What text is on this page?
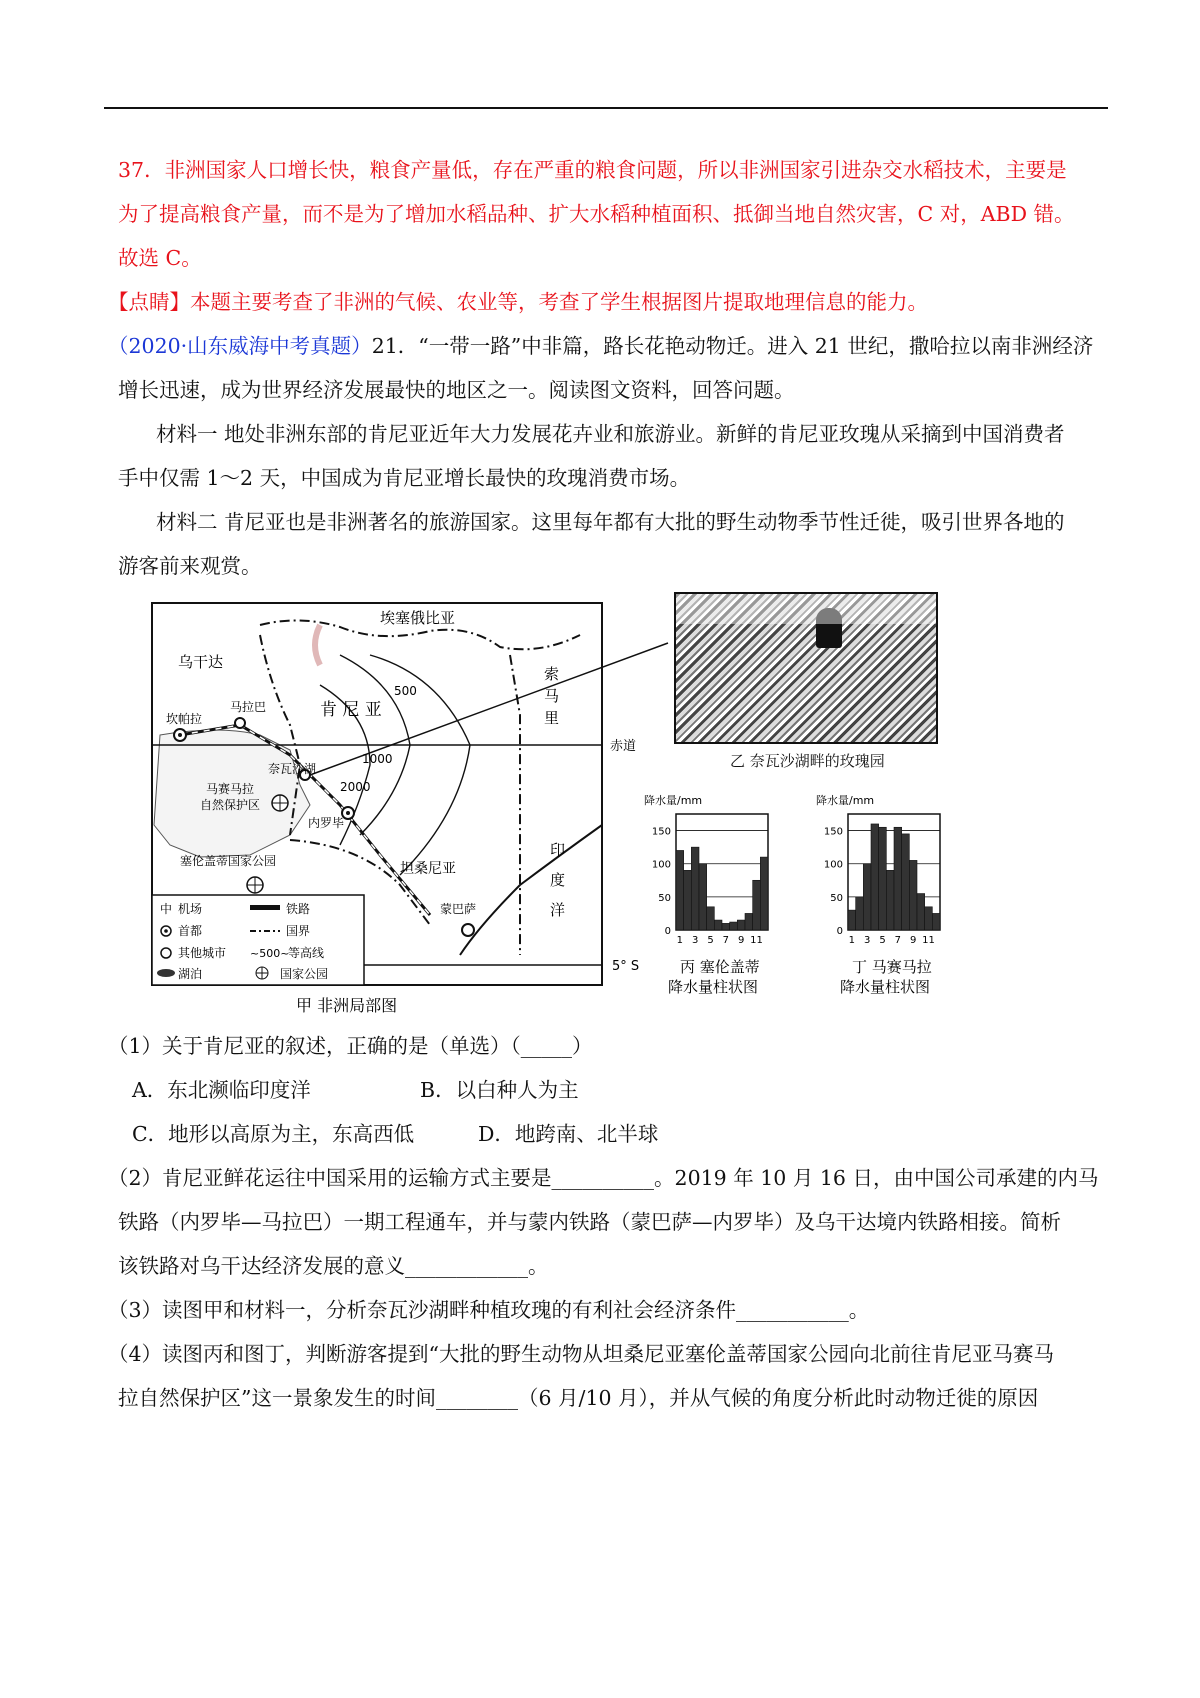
37．非洲国家人口增长快，粮食产量低，存在严重的粮食问题，所以非洲国家引进杂交水稻技术，主要是
为了提高粮食产量，而不是为了增加水稻品种、扩大水稻种植面积、抵御当地自然灾害，C 对，ABD 错。
故选 C。
【点睛】本题主要考查了非洲的气候、农业等，考查了学生根据图片提取地理信息的能力。
（2020·山东威海中考真题）21．“一带一路”中非篇，路长花艳动物迁。进入 21 世纪，撒哈拉以南非洲经济
增长迅速，成为世界经济发展最快的地区之一。阅读图文资料，回答问题。
材料一 地处非洲东部的肯尼亚近年大力发展花卉业和旅游业。新鲜的肯尼亚玫瑰从采摘到中国消费者
手中仅需 1～2 天，中国成为肯尼亚增长最快的玫瑰消费市场。
材料二 肯尼亚也是非洲著名的旅游国家。这里每年都有大批的野生动物季节性迁徙，吸引世界各地的
游客前来观赏。
埃塞俄比亚
索
马
里
乌干达
肯 尼 亚
坦桑尼亚
印
度
洋
赤道
5° S
坎帕拉
马拉巴
奈瓦沙湖
内罗毕
蒙巴萨
马赛马拉
自然保护区
塞伦盖蒂国家公园
500
1000
2000
中 机场	铁路
首都	国界
其他城市 ~500~
等高线
湖泊	国家公园
甲 非洲局部图
乙 奈瓦沙湖畔的玫瑰园
降水量/mm
0
50
100
150
1 3 5 7 9 11
丙 塞伦盖蒂
降水量柱状图
降水量/mm
0
50
100
150
1 3 5 7 9 11
丁 马赛马拉
降水量柱状图
（1）关于肯尼亚的叙述，正确的是（单选）（_____）
A．东北濒临印度洋	B．以白种人为主
C．地形以高原为主，东高西低	D．地跨南、北半球
（2）肯尼亚鲜花运往中国采用的运输方式主要是__________。2019 年 10 月 16 日，由中国公司承建的内马
铁路（内罗毕—马拉巴）一期工程通车，并与蒙内铁路（蒙巴萨—内罗毕）及乌干达境内铁路相接。简析
该铁路对乌干达经济发展的意义____________。
（3）读图甲和材料一，分析奈瓦沙湖畔种植玫瑰的有利社会经济条件___________。
（4）读图丙和图丁，判断游客提到“大批的野生动物从坦桑尼亚塞伦盖蒂国家公园向北前往肯尼亚马赛马
拉自然保护区”这一景象发生的时间________（6 月/10 月），并从气候的角度分析此时动物迁徙的原因
